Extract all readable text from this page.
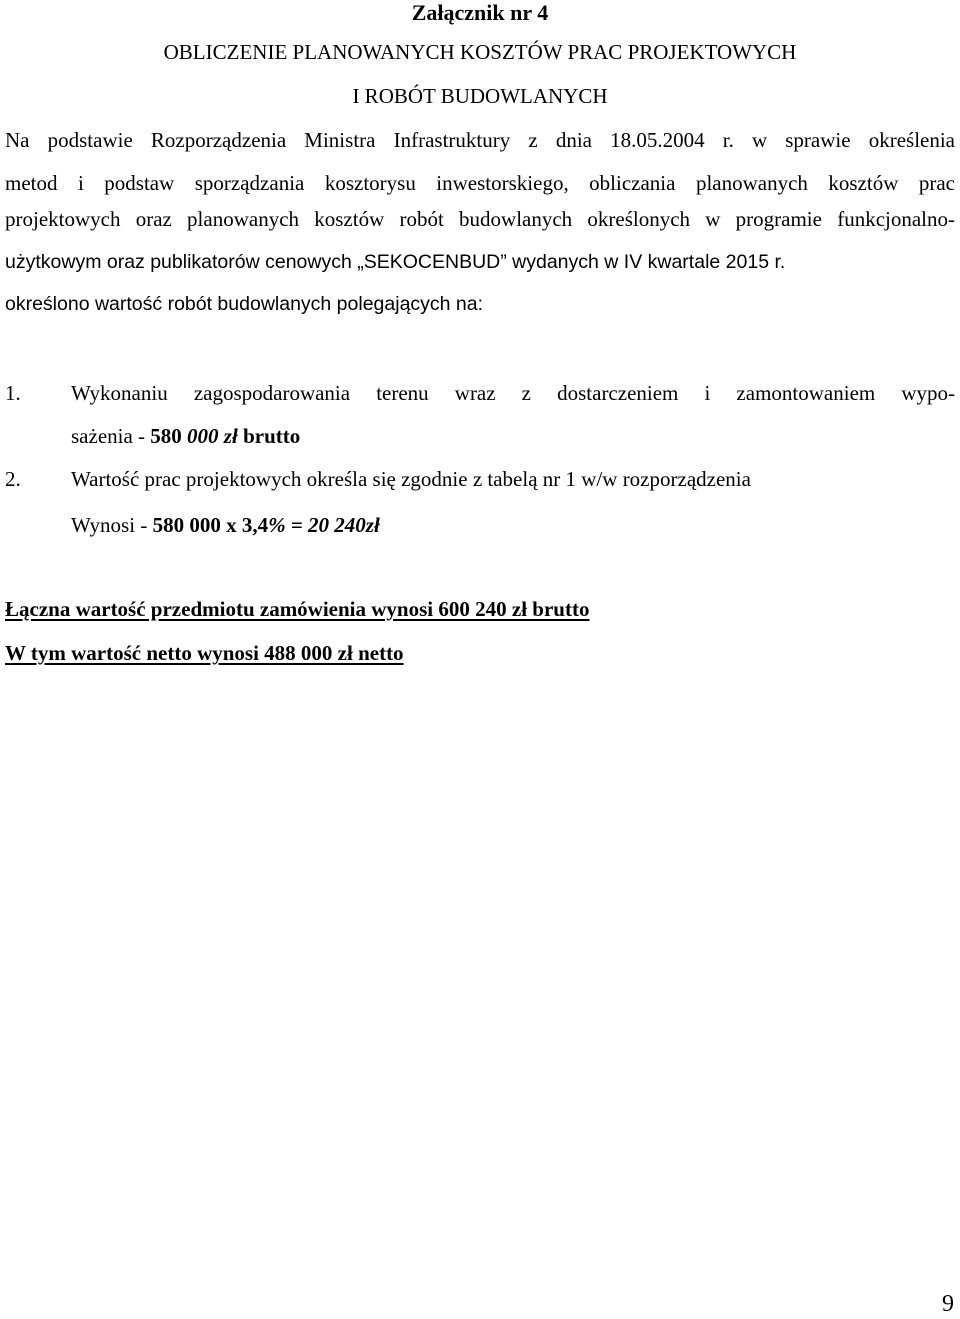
Załącznik nr 4
OBLICZENIE PLANOWANYCH KOSZTÓW PRAC PROJEKTOWYCH
I ROBÓT BUDOWLANYCH
Na podstawie Rozporządzenia Ministra Infrastruktury z dnia 18.05.2004 r. w sprawie określenia
metod i podstaw sporządzania kosztorysu inwestorskiego, obliczania planowanych kosztów prac
projektowych oraz planowanych kosztów robót budowlanych określonych w programie funkcjonalno-
użytkowym oraz publikatorów cenowych „SEKOCENBUD” wydanych w IV kwartale 2015 r.
określono wartość robót budowlanych polegających na:
1. Wykonaniu zagospodarowania terenu wraz z dostarczeniem i zamontowaniem wypo-
sażenia - 580 000 zł brutto
2. Wartość prac projektowych określa się zgodnie z tabelą nr 1 w/w rozporządzenia
Wynosi - 580 000 x 3,4% = 20 240zł
Łączna wartość przedmiotu zamówienia wynosi 600 240 zł brutto
W tym wartość netto wynosi 488 000 zł netto
9
